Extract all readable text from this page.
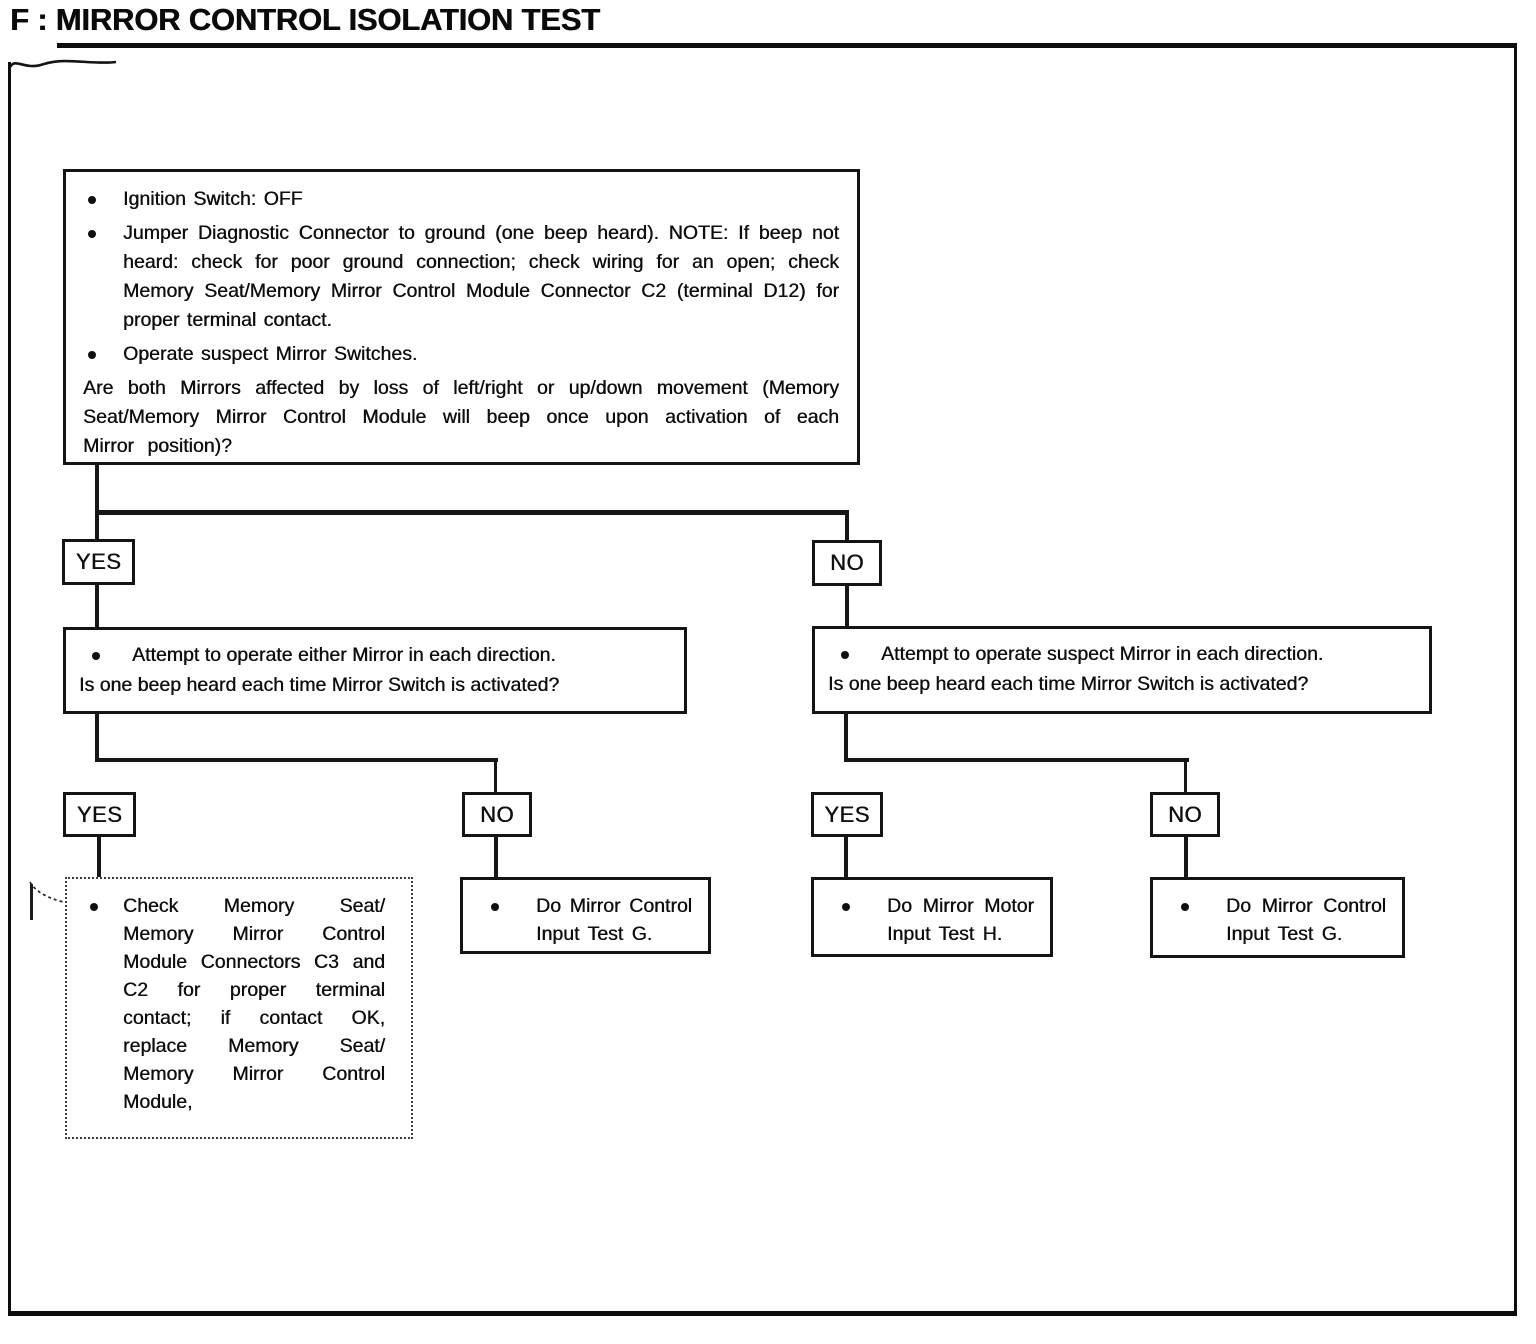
F : MIRROR CONTROL ISOLATION TEST
Ignition Switch: OFF
Jumper Diagnostic Connector to ground (one beep heard). NOTE: If beep not heard: check for poor ground connection; check wiring for an open; check Memory Seat/Memory Mirror Control Module Connector C2 (terminal D12) for proper terminal contact.
Operate suspect Mirror Switches.
Are both Mirrors affected by loss of left/right or up/down movement (Memory Seat/Memory Mirror Control Module will beep once upon activation of each Mirror position)?
YES	NO
Attempt to operate either Mirror in each direction.
Is one beep heard each time Mirror Switch is activated?
Attempt to operate suspect Mirror in each direction.
Is one beep heard each time Mirror Switch is activated?
YES	NO	YES	NO
Check Memory Seat/ Memory Mirror Control Module Connectors C3 and C2 for proper terminal contact; if contact OK, replace Memory Seat/ Memory Mirror Control Module,
Do Mirror Control Input Test G.
Do Mirror Motor Input Test H.
Do Mirror Control Input Test G.
